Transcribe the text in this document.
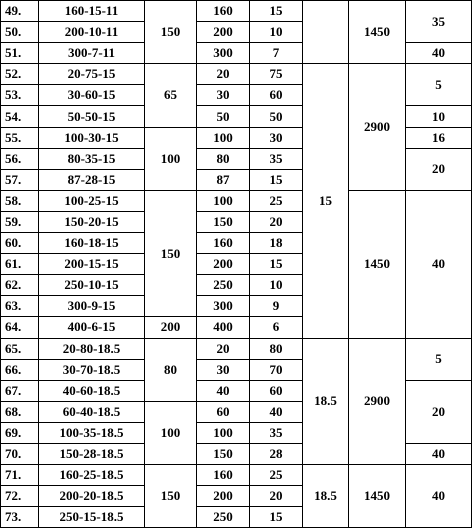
49.	160-15-11	150	160	15		1450	35
50.	200-10-11		200	10			
51.	300-7-11		300	7			40
52.	20-75-15	65	20	75	15	2900	5
53.	30-60-15		30	60			
54.	50-50-15		50	50			10
55.	100-30-15	100	100	30			16
56.	80-35-15		80	35			20
57.	87-28-15		87	15			
58.	100-25-15	150	100	25		1450	40
59.	150-20-15		150	20			
60.	160-18-15		160	18			
61.	200-15-15		200	15			
62.	250-10-15		250	10			
63.	300-9-15		300	9			
64.	400-6-15	200	400	6			
65.	20-80-18.5	80	20	80	18.5	2900	5
66.	30-70-18.5		30	70			
67.	40-60-18.5		40	60			20
68.	60-40-18.5	100	60	40			
69.	100-35-18.5		100	35			
70.	150-28-18.5		150	28			40
71.	160-25-18.5	150	160	25	18.5	1450	40
72.	200-20-18.5		200	20			
73.	250-15-18.5		250	15			
